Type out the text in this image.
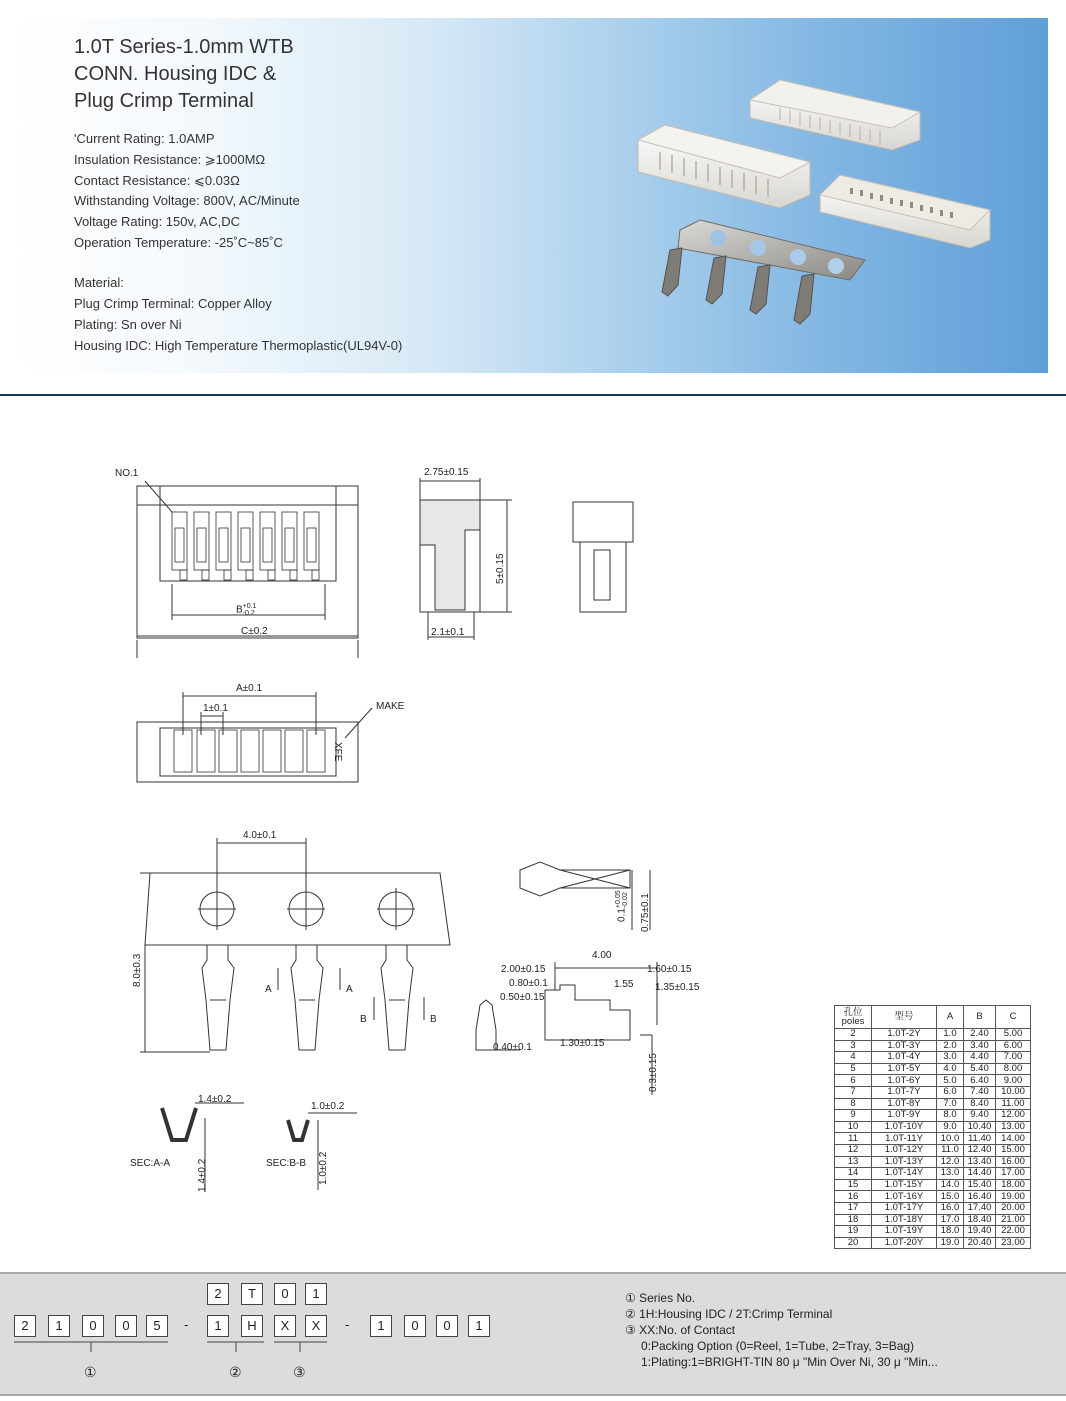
1.0T Series-1.0mm WTB
CONN. Housing IDC &
Plug Crimp Terminal
'Current Rating: 1.0AMP
Insulation Resistance: ⩾1000MΩ
Contact Resistance: ⩽0.03Ω
Withstanding Voltage: 800V, AC/Minute
Voltage Rating: 150v, AC,DC
Operation Temperature: -25˚C~85˚C
Material:
Plug Crimp Terminal: Copper Alloy
Plating: Sn over Ni
Housing IDC: High Temperature Thermoplastic(UL94V-0)
NO.1
B+0.1
-0.2
C±0.2
2.75±0.15
5±0.15
2.1±0.1
A±0.1
1±0.1	MAKE
XFE
4.0±0.1
8.0±0.3
A	A
B	B
1.4±0.2
1.4±0.2
SEC:A-A
1.0±0.2
1.0±0.2
SEC:B-B
0.1+0.05
-0.02 0.75±0.1
4.00
2.00±0.15
0.80±0.1	1.55
1.60±0.15
1.35±0.15
0.50±0.15
0.40±0.1	1.30±0.15
0.3±0.15
孔位
poles	型号	A	B	C
2	1.0T-2Y	1.0	2.40	5.00
3	1.0T-3Y	2.0	3.40	6.00
4	1.0T-4Y	3.0	4.40	7.00
5	1.0T-5Y	4.0	5.40	8.00
6	1.0T-6Y	5.0	6.40	9.00
7	1.0T-7Y	6.0	7.40	10.00
8	1.0T-8Y	7.0	8.40	11.00
9	1.0T-9Y	8.0	9.40	12.00
10	1.0T-10Y	9.0	10.40	13.00
11	1.0T-11Y	10.0	11.40	14.00
12	1.0T-12Y	11.0	12.40	15.00
13	1.0T-13Y	12.0	13.40	16.00
14	1.0T-14Y	13.0	14.40	17.00
15	1.0T-15Y	14.0	15.40	18.00
16	1.0T-16Y	15.0	16.40	19.00
17	1.0T-17Y	16.0	17.40	20.00
18	1.0T-18Y	17.0	18.40	21.00
19	1.0T-19Y	18.0	19.40	22.00
20	1.0T-20Y	19.0	20.40	23.00
2	1	0	0	5	-
2	T	0	1
1	H	X	X	-	1	0	0	1
①	②	③
① Series No.
② 1H:Housing IDC / 2T:Crimp Terminal
③ XX:No. of Contact
0:Packing Option (0=Reel, 1=Tube, 2=Tray, 3=Bag)
1:Plating:1=BRIGHT-TIN 80 μ "Min Over Ni, 30 μ "Min...
